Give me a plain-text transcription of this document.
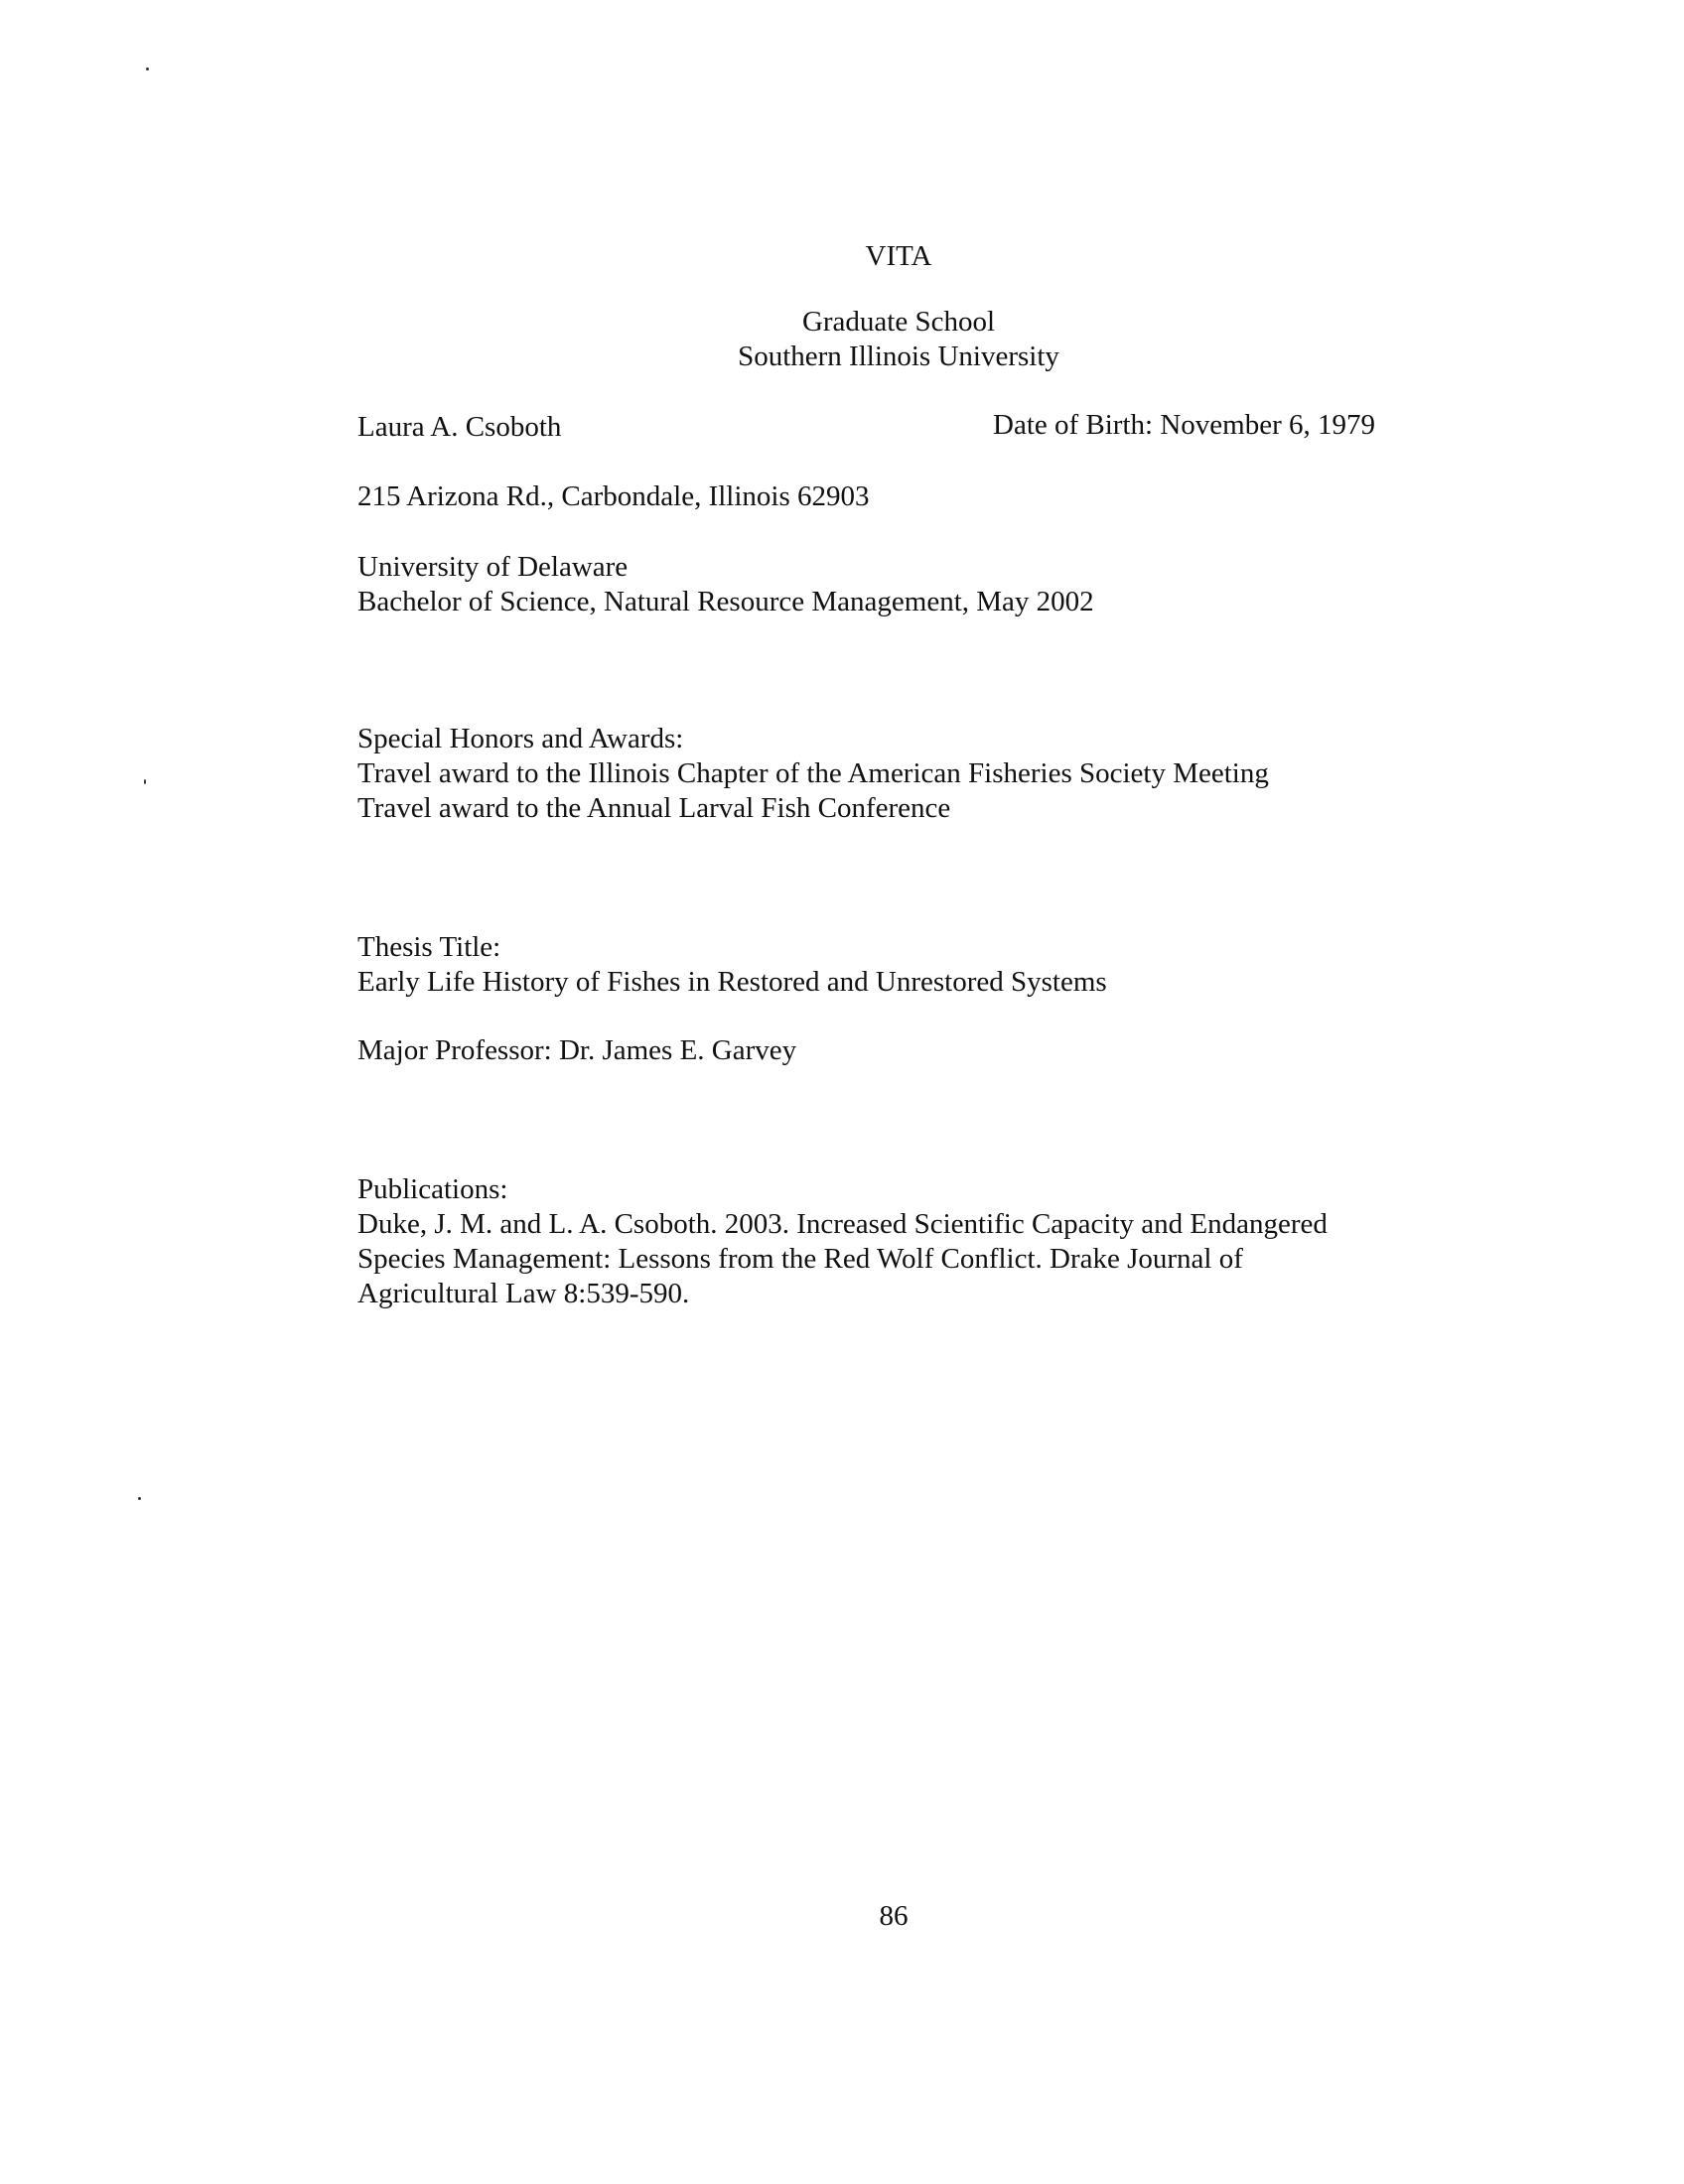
VITA
Graduate School
Southern Illinois University
Laura A. Csoboth	Date of Birth: November 6, 1979
215 Arizona Rd., Carbondale, Illinois 62903
University of Delaware
Bachelor of Science, Natural Resource Management, May 2002
Special Honors and Awards:
Travel award to the Illinois Chapter of the American Fisheries Society Meeting
Travel award to the Annual Larval Fish Conference
Thesis Title:
Early Life History of Fishes in Restored and Unrestored Systems
Major Professor: Dr. James E. Garvey
Publications:
Duke, J. M. and L. A. Csoboth. 2003. Increased Scientific Capacity and Endangered
Species Management: Lessons from the Red Wolf Conflict. Drake Journal of
Agricultural Law 8:539-590.
86
